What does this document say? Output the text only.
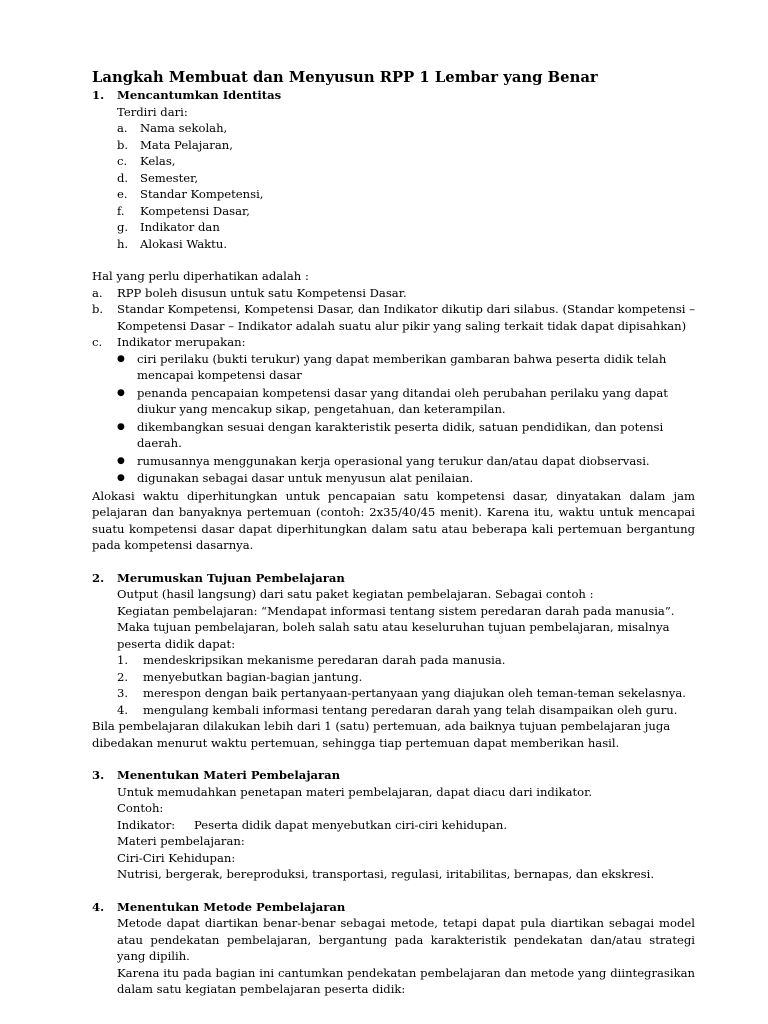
Langkah Membuat dan Menyusun RPP 1 Lembar yang Benar
1.	Mencantumkan Identitas
Terdiri dari:
a.	Nama sekolah,
b.	Mata Pelajaran,
c.	Kelas,
d.	Semester,
e.	Standar Kompetensi,
f.	Kompetensi Dasar,
g.	Indikator dan
h.	Alokasi Waktu.
Hal yang perlu diperhatikan adalah :
a.	RPP boleh disusun untuk satu Kompetensi Dasar.
b.	Standar Kompetensi, Kompetensi Dasar, dan Indikator dikutip dari silabus. (Standar kompetensi – Kompetensi Dasar – Indikator adalah suatu alur pikir yang saling terkait tidak dapat dipisahkan)
c.	Indikator merupakan:
●	ciri perilaku (bukti terukur) yang dapat memberikan gambaran bahwa peserta didik telah mencapai kompetensi dasar
●	penanda pencapaian kompetensi dasar yang ditandai oleh perubahan perilaku yang dapat diukur yang mencakup sikap, pengetahuan, dan keterampilan.
●	dikembangkan sesuai dengan karakteristik peserta didik, satuan pendidikan, dan potensi daerah.
●	rumusannya menggunakan kerja operasional yang terukur dan/atau dapat diobservasi.
●	digunakan sebagai dasar untuk menyusun alat penilaian.
Alokasi waktu diperhitungkan untuk pencapaian satu kompetensi dasar, dinyatakan dalam jam pelajaran dan banyaknya pertemuan (contoh: 2x35/40/45 menit). Karena itu, waktu untuk mencapai suatu kompetensi dasar dapat diperhitungkan dalam satu atau beberapa kali pertemuan bergantung pada kompetensi dasarnya.
2.	Merumuskan Tujuan Pembelajaran
Output (hasil langsung) dari satu paket kegiatan pembelajaran. Sebagai contoh :
Kegiatan pembelajaran: “Mendapat informasi tentang sistem peredaran darah pada manusia”. Maka tujuan pembelajaran, boleh salah satu atau keseluruhan tujuan pembelajaran, misalnya peserta didik dapat:
1.	mendeskripsikan mekanisme peredaran darah pada manusia.
2.	menyebutkan bagian-bagian jantung.
3.	merespon dengan baik pertanyaan-pertanyaan yang diajukan oleh teman-teman sekelasnya.
4.	mengulang kembali informasi tentang peredaran darah yang telah disampaikan oleh guru.
Bila pembelajaran dilakukan lebih dari 1 (satu) pertemuan, ada baiknya tujuan pembelajaran juga dibedakan menurut waktu pertemuan, sehingga tiap pertemuan dapat memberikan hasil.
3.	Menentukan Materi Pembelajaran
Untuk memudahkan penetapan materi pembelajaran, dapat diacu dari indikator.
Contoh:
Indikator:	Peserta didik dapat menyebutkan ciri-ciri kehidupan.
Materi pembelajaran:
Ciri-Ciri Kehidupan:
Nutrisi, bergerak, bereproduksi, transportasi, regulasi, iritabilitas, bernapas, dan ekskresi.
4.	Menentukan Metode Pembelajaran
Metode dapat diartikan benar-benar sebagai metode, tetapi dapat pula diartikan sebagai model atau pendekatan pembelajaran, bergantung pada karakteristik pendekatan dan/atau strategi yang dipilih.
Karena itu pada bagian ini cantumkan pendekatan pembelajaran dan metode yang diintegrasikan dalam satu kegiatan pembelajaran peserta didik:
